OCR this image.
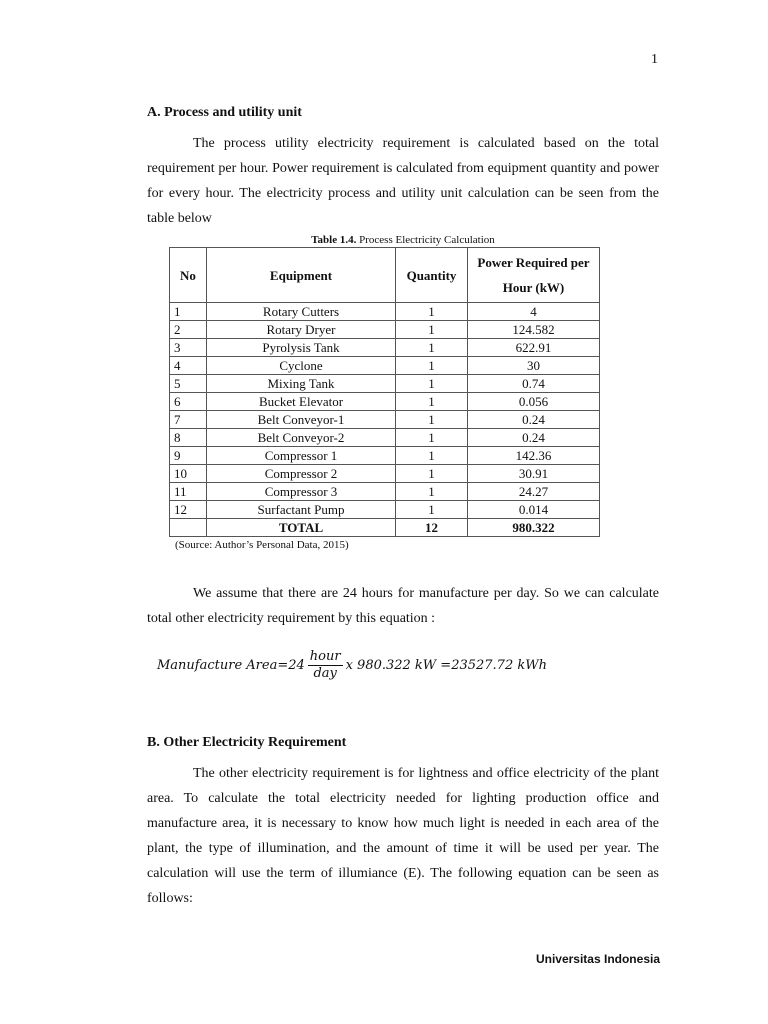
1
A. Process and utility unit

The process utility electricity requirement is calculated based on the total requirement per hour. Power requirement is calculated from equipment quantity and power for every hour. The electricity process and utility unit calculation can be seen from the table below

Table 1.4. Process Electricity Calculation
No	Equipment	Quantity	Power Required per Hour (kW)
1	Rotary Cutters	1	4
2	Rotary Dryer	1	124.582
3	Pyrolysis Tank	1	622.91
4	Cyclone	1	30
5	Mixing Tank	1	0.74
6	Bucket Elevator	1	0.056
7	Belt Conveyor-1	1	0.24
8	Belt Conveyor-2	1	0.24
9	Compressor 1	1	142.36
10	Compressor 2	1	30.91
11	Compressor 3	1	24.27
12	Surfactant Pump	1	0.014
	TOTAL	12	980.322
(Source: Author’s Personal Data, 2015)

We assume that there are 24 hours for manufacture per day. So we can calculate total other electricity requirement by this equation :

Manufacture Area=24 $\frac{\text{hour}}{\text{day}}$ x 980.322 kW =23527.72 kWh
B. Other Electricity Requirement

The other electricity requirement is for lightness and office electricity of the plant area. To calculate the total electricity needed for lighting production office and manufacture area, it is necessary to know how much light is needed in each area of the plant, the type of illumination, and the amount of time it will be used per year. The calculation will use the term of illumiance (E). The following equation can be seen as follows:

Universitas Indonesia
